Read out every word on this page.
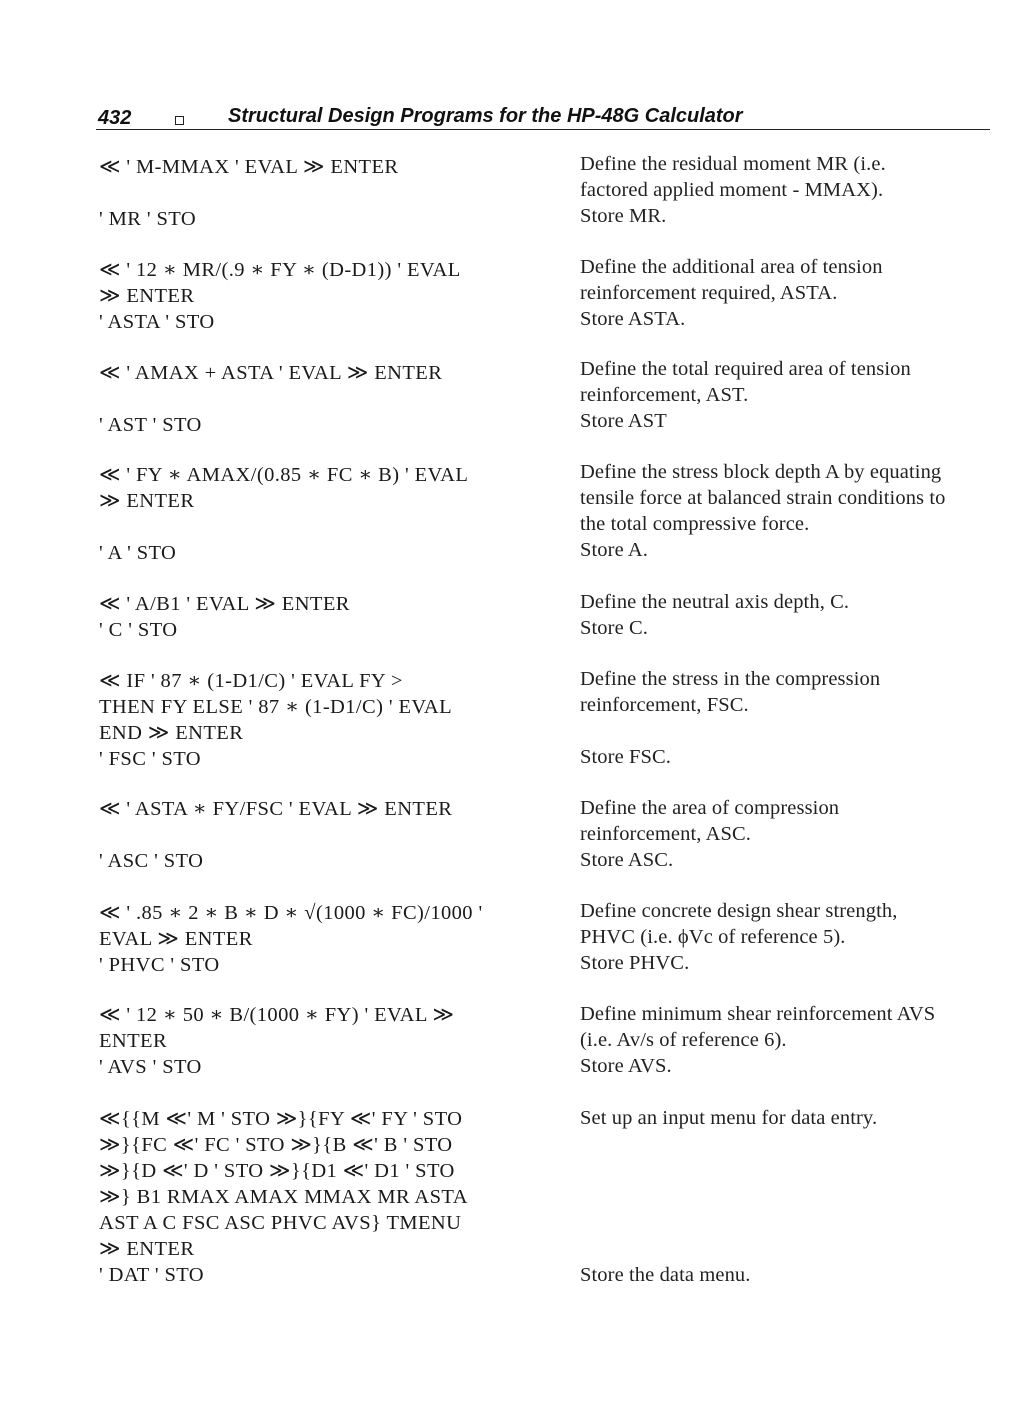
432	Structural Design Programs for the HP-48G Calculator
≪ ' M-MMAX ' EVAL ≫ ENTER
' MR ' STO
≪ ' 12 ∗ MR/(.9 ∗ FY ∗ (D-D1)) ' EVAL
≫ ENTER
' ASTA ' STO
≪ ' AMAX + ASTA ' EVAL ≫ ENTER
' AST ' STO
≪ ' FY ∗ AMAX/(0.85 ∗ FC ∗ B) ' EVAL
≫ ENTER
' A ' STO
≪ ' A/B1 ' EVAL ≫ ENTER
' C ' STO
≪ IF ' 87 ∗ (1-D1/C) ' EVAL FY >
THEN FY ELSE ' 87 ∗ (1-D1/C) ' EVAL
END ≫ ENTER
' FSC ' STO
≪ ' ASTA ∗ FY/FSC ' EVAL ≫ ENTER
' ASC ' STO
≪ ' .85 ∗ 2 ∗ B ∗ D ∗ √(1000 ∗ FC)/1000 '
EVAL ≫ ENTER
' PHVC ' STO
≪ ' 12 ∗ 50 ∗ B/(1000 ∗ FY) ' EVAL ≫
ENTER
' AVS ' STO
≪{{M ≪' M ' STO ≫}{FY ≪' FY ' STO
≫}{FC ≪' FC ' STO ≫}{B ≪' B ' STO
≫}{D ≪' D ' STO ≫}{D1 ≪' D1 ' STO
≫} B1 RMAX AMAX MMAX MR ASTA
AST A C FSC ASC PHVC AVS} TMENU
≫ ENTER
' DAT ' STO
Define the residual moment MR (i.e.
factored applied moment - MMAX).
Store MR.
Define the additional area of tension
reinforcement required, ASTA.
Store ASTA.
Define the total required area of tension
reinforcement, AST.
Store AST
Define the stress block depth A by equating
tensile force at balanced strain conditions to
the total compressive force.
Store A.
Define the neutral axis depth, C.
Store C.
Define the stress in the compression
reinforcement, FSC.
Store FSC.
Define the area of compression
reinforcement, ASC.
Store ASC.
Define concrete design shear strength,
PHVC (i.e. ϕVc of reference 5).
Store PHVC.
Define minimum shear reinforcement AVS
(i.e. Av/s of reference 6).
Store AVS.
Set up an input menu for data entry.
Store the data menu.
